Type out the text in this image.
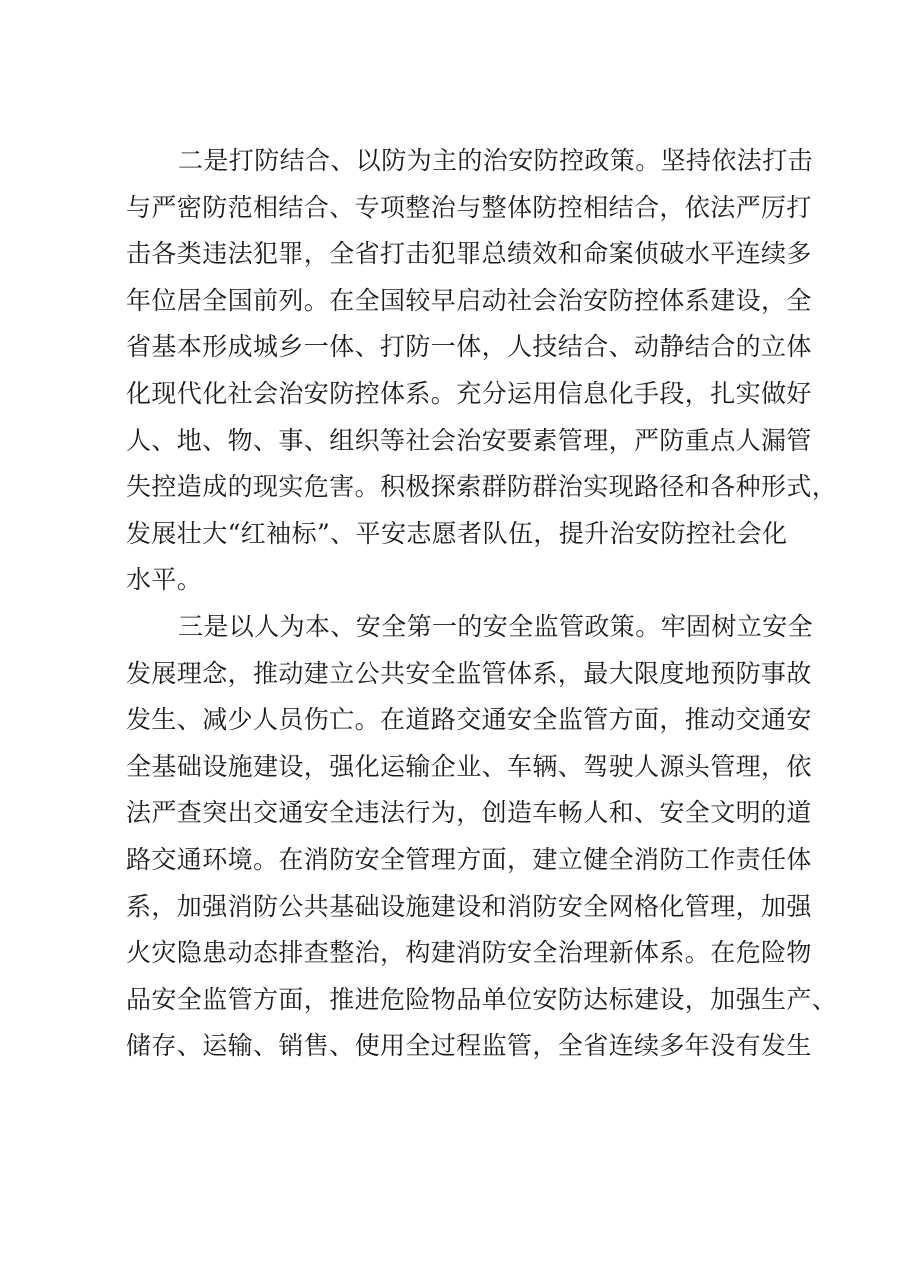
二是打防结合、以防为主的治安防控政策。坚持依法打击
与严密防范相结合、专项整治与整体防控相结合，依法严厉打
击各类违法犯罪，全省打击犯罪总绩效和命案侦破水平连续多
年位居全国前列。在全国较早启动社会治安防控体系建设，全
省基本形成城乡一体、打防一体，人技结合、动静结合的立体
化现代化社会治安防控体系。充分运用信息化手段，扎实做好
人、地、物、事、组织等社会治安要素管理，严防重点人漏管
失控造成的现实危害。积极探索群防群治实现路径和各种形式，
发展壮大“红袖标”、平安志愿者队伍，提升治安防控社会化
水平。
三是以人为本、安全第一的安全监管政策。牢固树立安全
发展理念，推动建立公共安全监管体系，最大限度地预防事故
发生、减少人员伤亡。在道路交通安全监管方面，推动交通安
全基础设施建设，强化运输企业、车辆、驾驶人源头管理，依
法严查突出交通安全违法行为，创造车畅人和、安全文明的道
路交通环境。在消防安全管理方面，建立健全消防工作责任体
系，加强消防公共基础设施建设和消防安全网格化管理，加强
火灾隐患动态排查整治，构建消防安全治理新体系。在危险物
品安全监管方面，推进危险物品单位安防达标建设，加强生产、
储存、运输、销售、使用全过程监管，全省连续多年没有发生
